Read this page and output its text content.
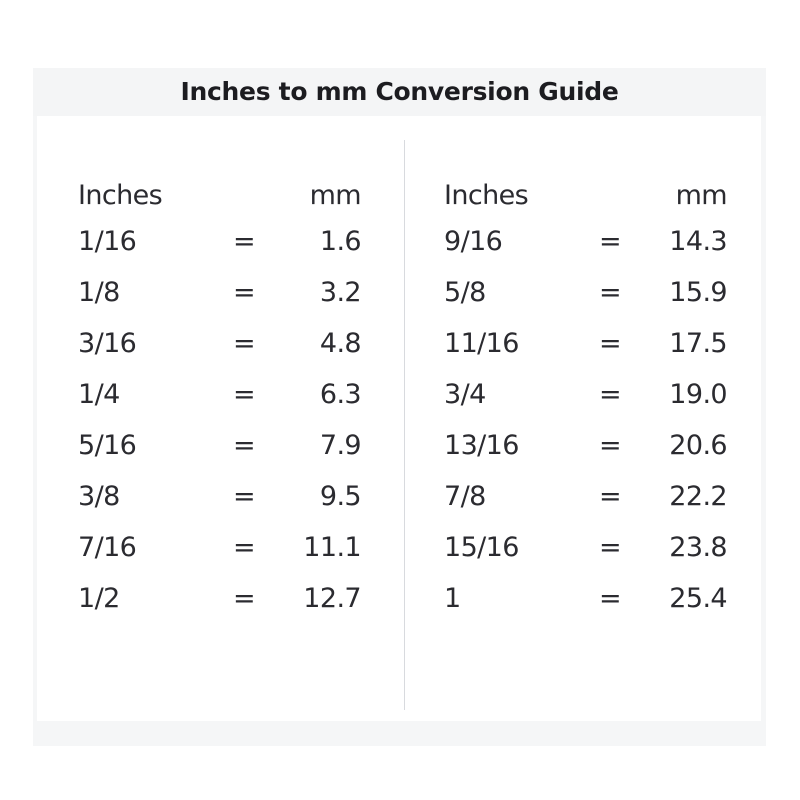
Inches to mm Conversion Guide
Inches	mm
1/16	=	1.6
1/8	=	3.2
3/16	=	4.8
1/4	=	6.3
5/16	=	7.9
3/8	=	9.5
7/16	=	11.1
1/2	=	12.7
Inches	mm
9/16	=	14.3
5/8	=	15.9
11/16	=	17.5
3/4	=	19.0
13/16	=	20.6
7/8	=	22.2
15/16	=	23.8
1	=	25.4
